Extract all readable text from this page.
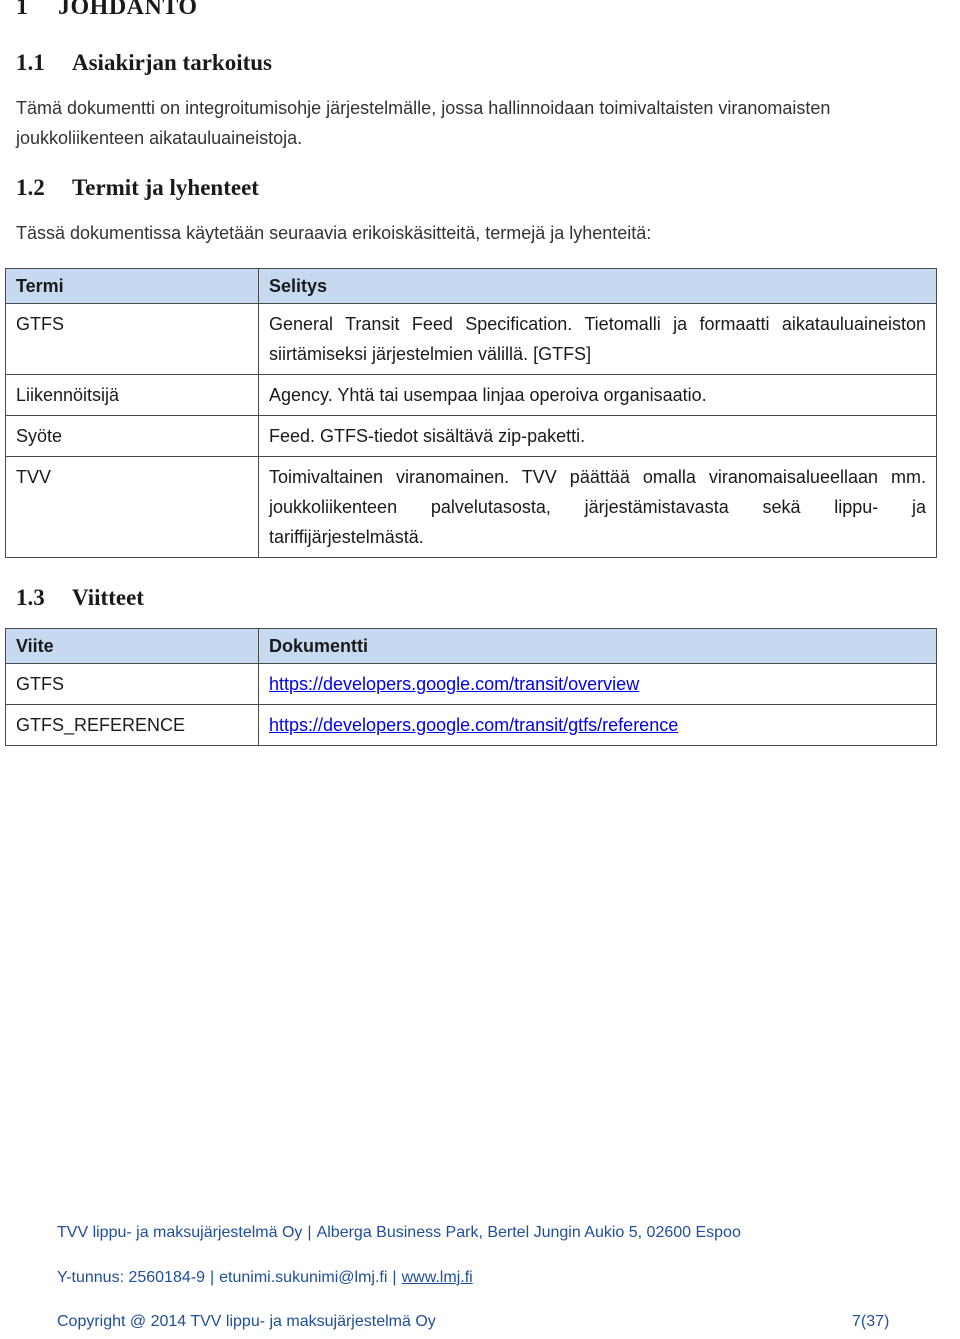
1 JOHDANTO
1.1 Asiakirjan tarkoitus
Tämä dokumentti on integroitumisohje järjestelmälle, jossa hallinnoidaan toimivaltaisten viranomaisten
joukkoliikenteen aikatauluaineistoja.
1.2 Termit ja lyhenteet
Tässä dokumentissa käytetään seuraavia erikoiskäsitteitä, termejä ja lyhenteitä:
Termi	Selitys
GTFS	General Transit Feed Specification. Tietomalli ja formaatti aikatauluaineiston siirtämiseksi järjestelmien välillä. [GTFS]
Liikennöitsijä	Agency. Yhtä tai usempaa linjaa operoiva organisaatio.
Syöte	Feed. GTFS-tiedot sisältävä zip-paketti.
TVV	Toimivaltainen viranomainen. TVV päättää omalla viranomaisalueellaan mm. joukkoliikenteen palvelutasosta, järjestämistavasta sekä lippu- ja tariffijärjestelmästä.
1.3 Viitteet
Viite	Dokumentti
GTFS	https://developers.google.com/transit/overview
GTFS_REFERENCE	https://developers.google.com/transit/gtfs/reference
TVV lippu- ja maksujärjestelmä Oy | Alberga Business Park, Bertel Jungin Aukio 5, 02600 Espoo
Y-tunnus: 2560184-9 | etunimi.sukunimi@lmj.fi | www.lmj.fi
Copyright @ 2014 TVV lippu- ja maksujärjestelmä Oy	7(37)
